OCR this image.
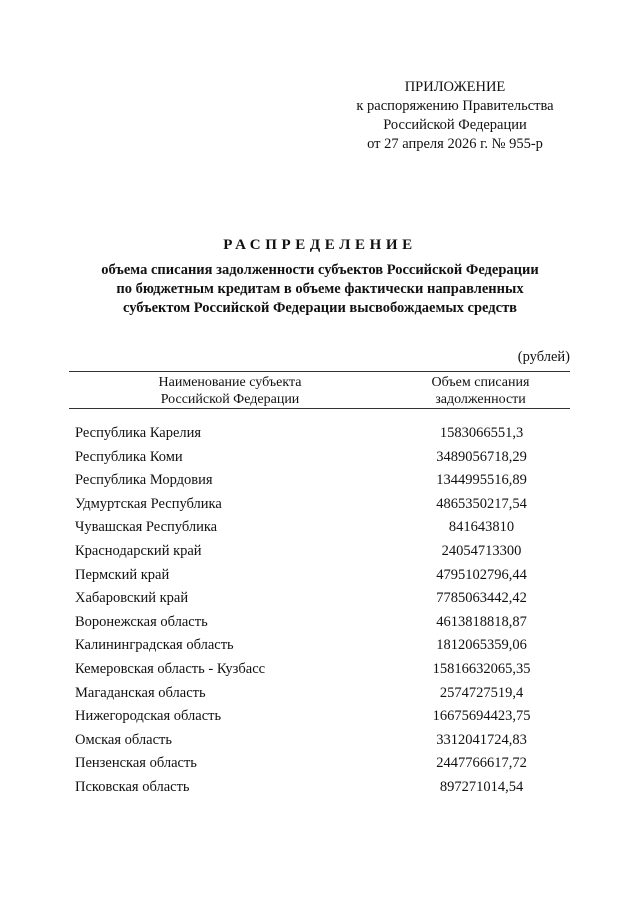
ПРИЛОЖЕНИЕ
к распоряжению Правительства
Российской Федерации
от 27 апреля 2026 г. № 955-р
РАСПРЕДЕЛЕНИЕ
объема списания задолженности субъектов Российской Федерации
по бюджетным кредитам в объеме фактически направленных
субъектом Российской Федерации высвобождаемых средств
(рублей)
Наименование субъекта
Российской Федерации
Объем списания
задолженности
Республика Карелия	1583066551,3
Республика Коми	3489056718,29
Республика Мордовия	1344995516,89
Удмуртская Республика	4865350217,54
Чувашская Республика	841643810
Краснодарский край	24054713300
Пермский край	4795102796,44
Хабаровский край	7785063442,42
Воронежская область	4613818818,87
Калининградская область	1812065359,06
Кемеровская область - Кузбасс	15816632065,35
Магаданская область	2574727519,4
Нижегородская область	16675694423,75
Омская область	3312041724,83
Пензенская область	2447766617,72
Псковская область	897271014,54
